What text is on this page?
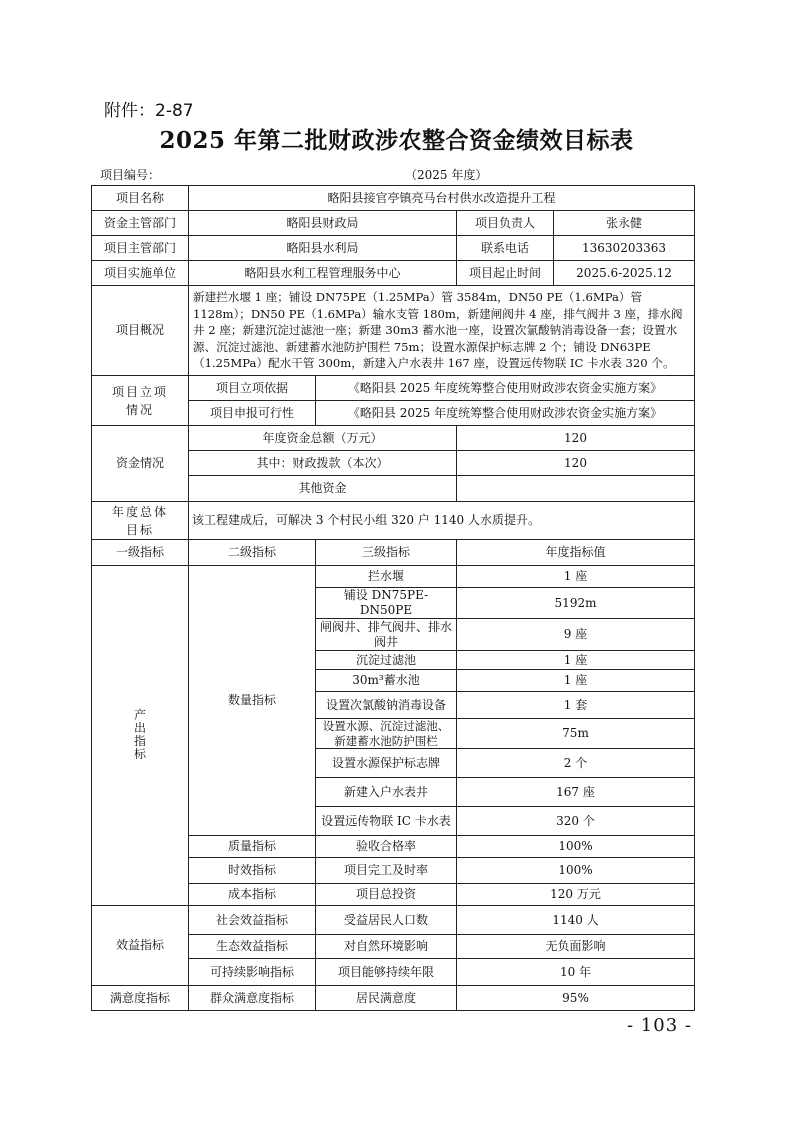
附件：2-87
2025 年第二批财政涉农整合资金绩效目标表
项目编号：	（2025 年度）
项目名称	略阳县接官亭镇亮马台村供水改造提升工程			
资金主管部门	略阳县财政局		项目负责人	张永健
项目主管部门	略阳县水利局		联系电话	13630203363
项目实施单位	略阳县水利工程管理服务中心		项目起止时间	2025.6-2025.12
项目概况	新建拦水堰 1 座；铺设 DN75PE（1.25MPa）管 3584m，DN50 PE（1.6MPa）管 1128m）；DN50 PE（1.6MPa）输水支管 180m，新建闸阀井 4 座，排气阀井 3 座，排水阀井 2 座；新建沉淀过滤池一座；新建 30m3 蓄水池一座，设置次氯酸钠消毒设备一套；设置水源、沉淀过滤池、新建蓄水池防护围栏 75m；设置水源保护标志牌 2 个；铺设 DN63PE（1.25MPa）配水干管 300m，新建入户水表井 167 座，设置远传物联 IC 卡水表 320 个。			
项目立项情况	项目立项依据	《略阳县 2025 年度统筹整合使用财政涉农资金实施方案》		
	项目申报可行性	《略阳县 2025 年度统筹整合使用财政涉农资金实施方案》		
资金情况	年度资金总额（万元）		120	
	其中：财政拨款（本次）		120	
	其他资金			
年度总体目标	该工程建成后，可解决 3 个村民小组 320 户 1140 人水质提升。			
一级指标	二级指标	三级指标	年度指标值	
产出指标	数量指标	拦水堰	1 座	
		铺设 DN75PE-DN50PE	5192m	
		闸阀井、排气阀井、排水阀井	9 座	
		沉淀过滤池	1 座	
		30m³蓄水池	1 座	
		设置次氯酸钠消毒设备	1 套	
		设置水源、沉淀过滤池、新建蓄水池防护围栏	75m	
		设置水源保护标志牌	2 个	
		新建入户水表井	167 座	
		设置远传物联 IC 卡水表	320 个	
	质量指标	验收合格率	100%	
	时效指标	项目完工及时率	100%	
	成本指标	项目总投资	120 万元	
效益指标	社会效益指标	受益居民人口数	1140 人	
	生态效益指标	对自然环境影响	无负面影响	
	可持续影响指标	项目能够持续年限	10 年	
满意度指标	群众满意度指标	居民满意度	95%	
- 103 -
